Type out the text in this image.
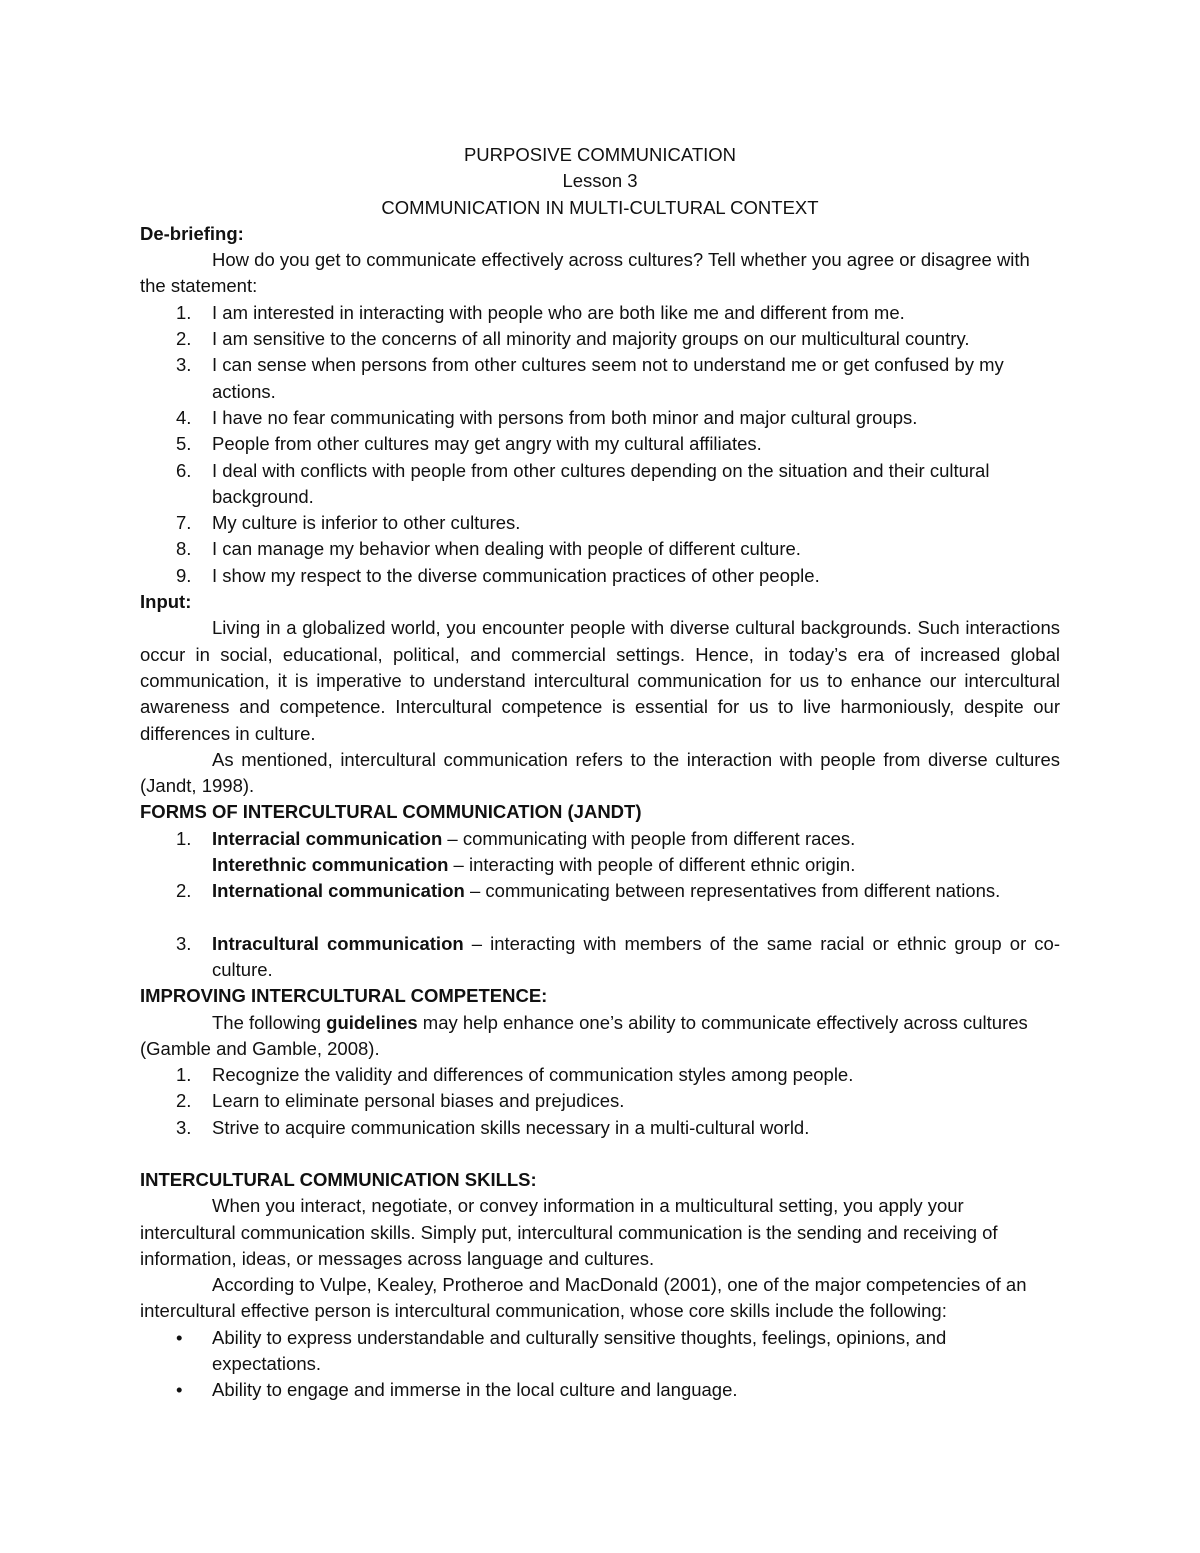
PURPOSIVE COMMUNICATION

Lesson 3

COMMUNICATION IN MULTI-CULTURAL CONTEXT

De-briefing:

How do you get to communicate effectively across cultures? Tell whether you agree or disagree with the statement:

1.	I am interested in interacting with people who are both like me and different from me.
2.	I am sensitive to the concerns of all minority and majority groups on our multicultural country.
3.	I can sense when persons from other cultures seem not to understand me or get confused by my actions.
4.	I have no fear communicating with persons from both minor and major cultural groups.
5.	People from other cultures may get angry with my cultural affiliates.
6.	I deal with conflicts with people from other cultures depending on the situation and their cultural background.
7.	My culture is inferior to other cultures.
8.	I can manage my behavior when dealing with people of different culture.
9.	I show my respect to the diverse communication practices of other people.

Input:

Living in a globalized world, you encounter people with diverse cultural backgrounds. Such interactions occur in social, educational, political, and commercial settings. Hence, in today’s era of increased global communication, it is imperative to understand intercultural communication for us to enhance our intercultural awareness and competence. Intercultural competence is essential for us to live harmoniously, despite our differences in culture.

As mentioned, intercultural communication refers to the interaction with people from diverse cultures (Jandt, 1998).

FORMS OF INTERCULTURAL COMMUNICATION (JANDT)

1.	Interracial communication – communicating with people from different races.
Interethnic communication – interacting with people of different ethnic origin.
2.	International communication – communicating between representatives from different nations.
3.	Intracultural communication – interacting with members of the same racial or ethnic group or co-culture.

IMPROVING INTERCULTURAL COMPETENCE:

The following guidelines may help enhance one’s ability to communicate effectively across cultures (Gamble and Gamble, 2008).

1.	Recognize the validity and differences of communication styles among people.
2.	Learn to eliminate personal biases and prejudices.
3.	Strive to acquire communication skills necessary in a multi-cultural world.

INTERCULTURAL COMMUNICATION SKILLS:

When you interact, negotiate, or convey information in a multicultural setting, you apply your intercultural communication skills. Simply put, intercultural communication is the sending and receiving of information, ideas, or messages across language and cultures.

According to Vulpe, Kealey, Protheroe and MacDonald (2001), one of the major competencies of an intercultural effective person is intercultural communication, whose core skills include the following:

•	Ability to express understandable and culturally sensitive thoughts, feelings, opinions, and expectations.
•	Ability to engage and immerse in the local culture and language.
